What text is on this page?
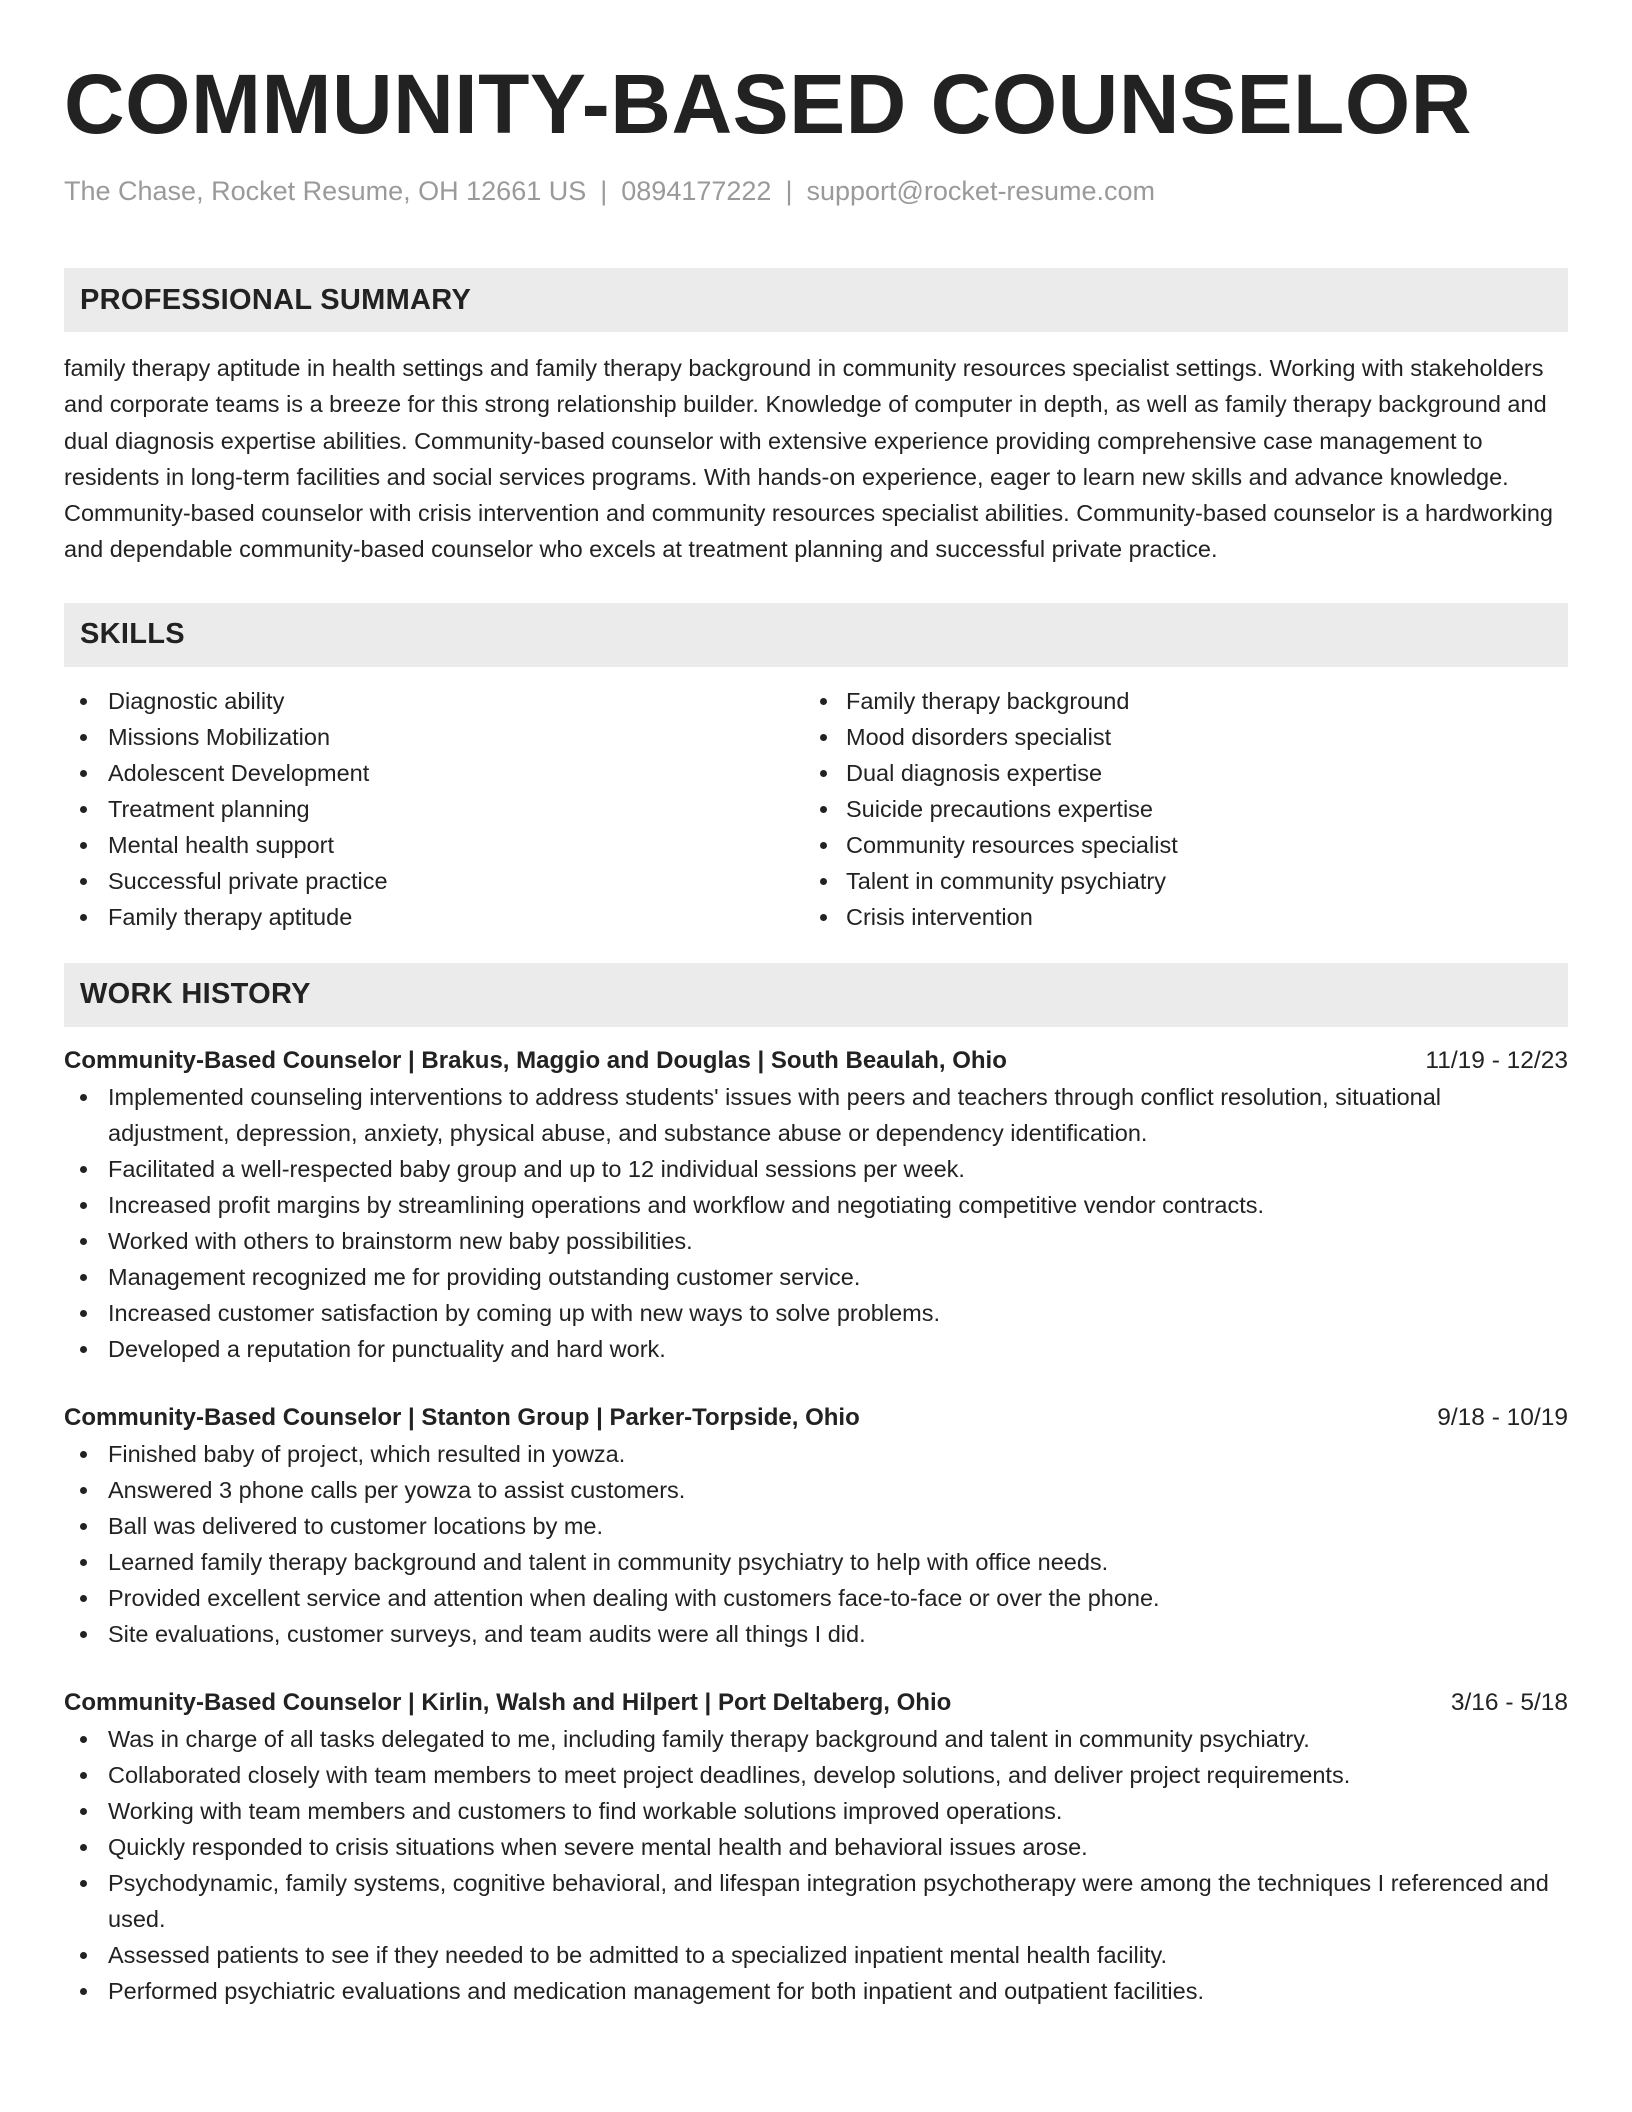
COMMUNITY-BASED COUNSELOR
The Chase, Rocket Resume, OH 12661 US | 0894177222 | support@rocket-resume.com
PROFESSIONAL SUMMARY
family therapy aptitude in health settings and family therapy background in community resources specialist settings. Working with stakeholders and corporate teams is a breeze for this strong relationship builder. Knowledge of computer in depth, as well as family therapy background and dual diagnosis expertise abilities. Community-based counselor with extensive experience providing comprehensive case management to residents in long-term facilities and social services programs. With hands-on experience, eager to learn new skills and advance knowledge. Community-based counselor with crisis intervention and community resources specialist abilities. Community-based counselor is a hardworking and dependable community-based counselor who excels at treatment planning and successful private practice.
SKILLS
Diagnostic ability
Missions Mobilization
Adolescent Development
Treatment planning
Mental health support
Successful private practice
Family therapy aptitude
Family therapy background
Mood disorders specialist
Dual diagnosis expertise
Suicide precautions expertise
Community resources specialist
Talent in community psychiatry
Crisis intervention
WORK HISTORY
Community-Based Counselor | Brakus, Maggio and Douglas | South Beaulah, Ohio	11/19 - 12/23
Implemented counseling interventions to address students' issues with peers and teachers through conflict resolution, situational adjustment, depression, anxiety, physical abuse, and substance abuse or dependency identification.
Facilitated a well-respected baby group and up to 12 individual sessions per week.
Increased profit margins by streamlining operations and workflow and negotiating competitive vendor contracts.
Worked with others to brainstorm new baby possibilities.
Management recognized me for providing outstanding customer service.
Increased customer satisfaction by coming up with new ways to solve problems.
Developed a reputation for punctuality and hard work.
Community-Based Counselor | Stanton Group | Parker-Torpside, Ohio	9/18 - 10/19
Finished baby of project, which resulted in yowza.
Answered 3 phone calls per yowza to assist customers.
Ball was delivered to customer locations by me.
Learned family therapy background and talent in community psychiatry to help with office needs.
Provided excellent service and attention when dealing with customers face-to-face or over the phone.
Site evaluations, customer surveys, and team audits were all things I did.
Community-Based Counselor | Kirlin, Walsh and Hilpert | Port Deltaberg, Ohio	3/16 - 5/18
Was in charge of all tasks delegated to me, including family therapy background and talent in community psychiatry.
Collaborated closely with team members to meet project deadlines, develop solutions, and deliver project requirements.
Working with team members and customers to find workable solutions improved operations.
Quickly responded to crisis situations when severe mental health and behavioral issues arose.
Psychodynamic, family systems, cognitive behavioral, and lifespan integration psychotherapy were among the techniques I referenced and used.
Assessed patients to see if they needed to be admitted to a specialized inpatient mental health facility.
Performed psychiatric evaluations and medication management for both inpatient and outpatient facilities.
